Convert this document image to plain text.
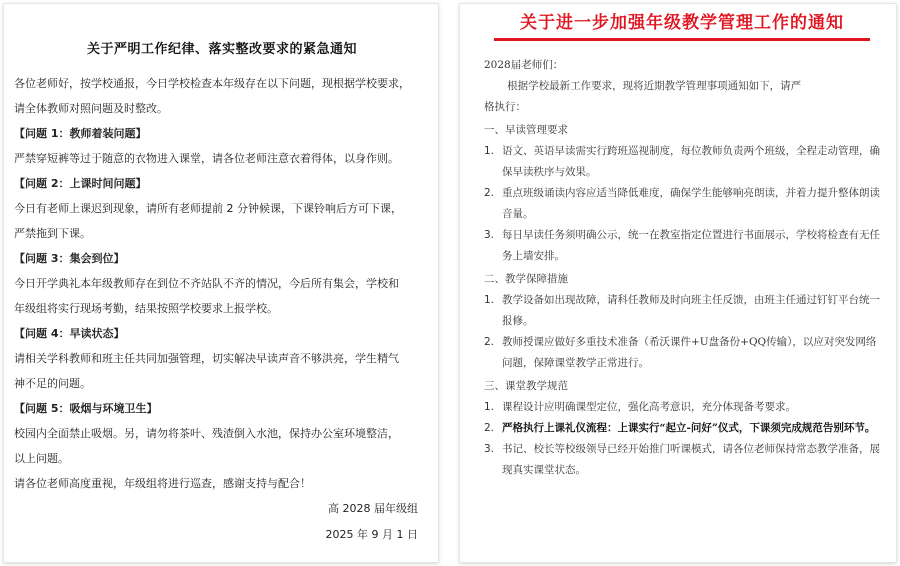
关于严明工作纪律、落实整改要求的紧急通知

各位老师好，按学校通报，今日学校检查本年级存在以下问题，现根据学校要求，

请全体教师对照问题及时整改。

【问题 1：教师着装问题】

严禁穿短裤等过于随意的衣物进入课堂，请各位老师注意衣着得体，以身作则。

【问题 2：上课时间问题】

今日有老师上课迟到现象，请所有老师提前 2 分钟候课，下课铃响后方可下课，

严禁拖到下课。

【问题 3：集会到位】

今日开学典礼本年级教师存在到位不齐站队不齐的情况，今后所有集会，学校和

年级组将实行现场考勤，结果按照学校要求上报学校。

【问题 4：早读状态】

请相关学科教师和班主任共同加强管理，切实解决早读声音不够洪亮，学生精气

神不足的问题。

【问题 5：吸烟与环境卫生】

校园内全面禁止吸烟。另，请勿将茶叶、残渣倒入水池，保持办公室环境整洁，

以上问题。

请各位老师高度重视，年级组将进行巡查，感谢支持与配合！

高 2028 届年级组

2025 年 9 月 1 日

关于进一步加强年级教学管理工作的通知

2028届老师们：

根据学校最新工作要求，现将近期教学管理事项通知如下，请严

格执行：

一、早读管理要求

1. 语文、英语早读需实行跨班巡视制度，每位教师负责两个班级，全程走动管理，确保早读秩序与效果。
2. 重点班级诵读内容应适当降低难度，确保学生能够响亮朗读，并着力提升整体朗读音量。
3. 每日早读任务须明确公示，统一在教室指定位置进行书面展示，学校将检查有无任务上墙安排。

二、教学保障措施

1. 教学设备如出现故障，请科任教师及时向班主任反馈，由班主任通过钉钉平台统一报修。
2. 教师授课应做好多重技术准备（希沃课件+U盘备份+QQ传输），以应对突发网络问题，保障课堂教学正常进行。

三、课堂教学规范

1. 课程设计应明确课型定位，强化高考意识，充分体现备考要求。
2. 严格执行上课礼仪流程：上课实行“起立-问好”仪式，下课须完成规范告别环节。
3. 书记、校长等校级领导已经开始推门听课模式，请各位老师保持常态教学准备，展现真实课堂状态。
